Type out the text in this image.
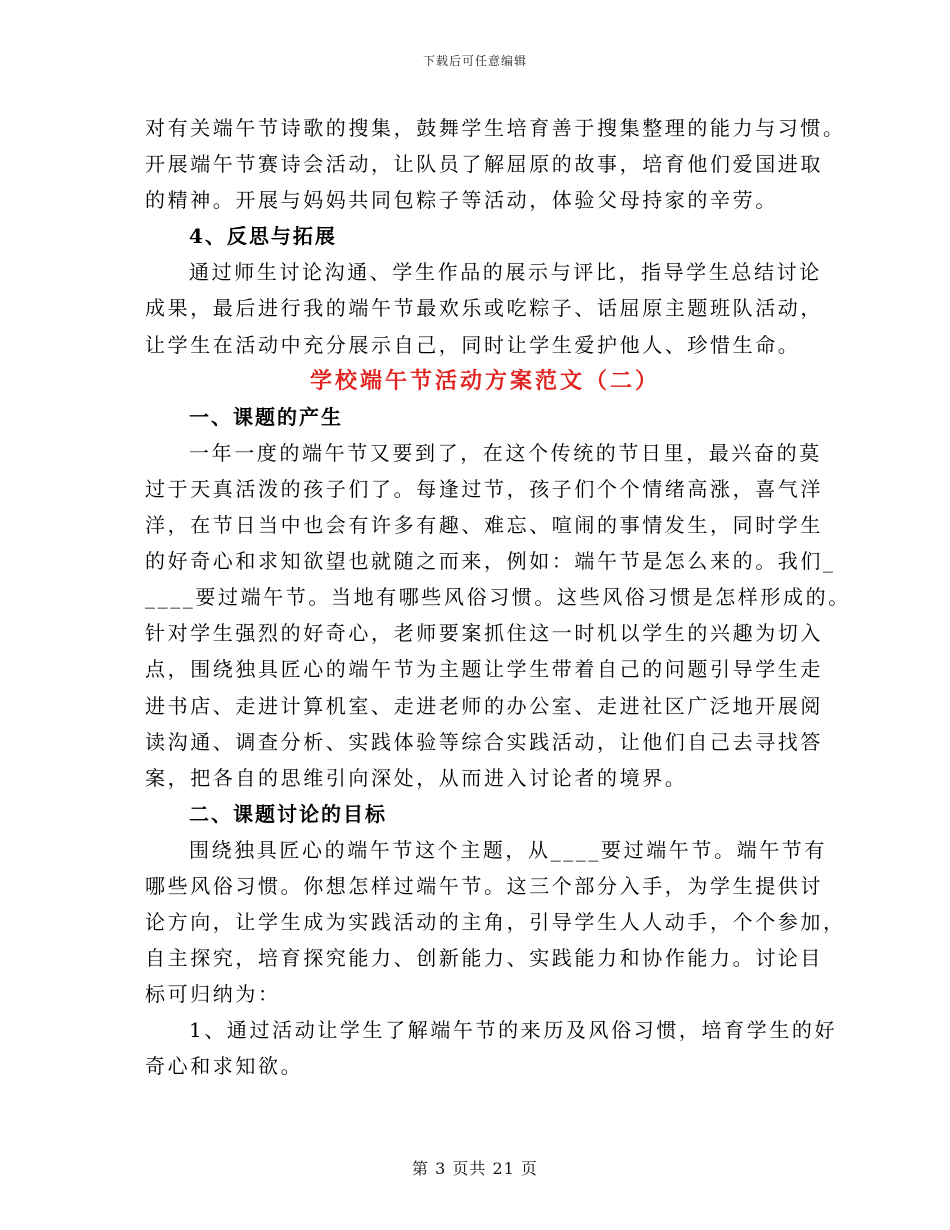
下载后可任意编辑
对有关端午节诗歌的搜集，鼓舞学生培育善于搜集整理的能力与习惯。
开展端午节赛诗会活动，让队员了解屈原的故事，培育他们爱国进取
的精神。开展与妈妈共同包粽子等活动，体验父母持家的辛劳。
4、反思与拓展
通过师生讨论沟通、学生作品的展示与评比，指导学生总结讨论
成果，最后进行我的端午节最欢乐或吃粽子、话屈原主题班队活动，
让学生在活动中充分展示自己，同时让学生爱护他人、珍惜生命。
学校端午节活动方案范文（二）
一、课题的产生
一年一度的端午节又要到了，在这个传统的节日里，最兴奋的莫
过于天真活泼的孩子们了。每逢过节，孩子们个个情绪高涨，喜气洋
洋，在节日当中也会有许多有趣、难忘、喧闹的事情发生，同时学生
的好奇心和求知欲望也就随之而来，例如：端午节是怎么来的。我们_
____要过端午节。当地有哪些风俗习惯。这些风俗习惯是怎样形成的。
针对学生强烈的好奇心，老师要案抓住这一时机以学生的兴趣为切入
点，围绕独具匠心的端午节为主题让学生带着自己的问题引导学生走
进书店、走进计算机室、走进老师的办公室、走进社区广泛地开展阅
读沟通、调查分析、实践体验等综合实践活动，让他们自己去寻找答
案，把各自的思维引向深处，从而进入讨论者的境界。
二、课题讨论的目标
围绕独具匠心的端午节这个主题，从____要过端午节。端午节有
哪些风俗习惯。你想怎样过端午节。这三个部分入手，为学生提供讨
论方向，让学生成为实践活动的主角，引导学生人人动手，个个参加，
自主探究，培育探究能力、创新能力、实践能力和协作能力。讨论目
标可归纳为：
1、通过活动让学生了解端午节的来历及风俗习惯，培育学生的好
奇心和求知欲。
第 3 页共 21 页
